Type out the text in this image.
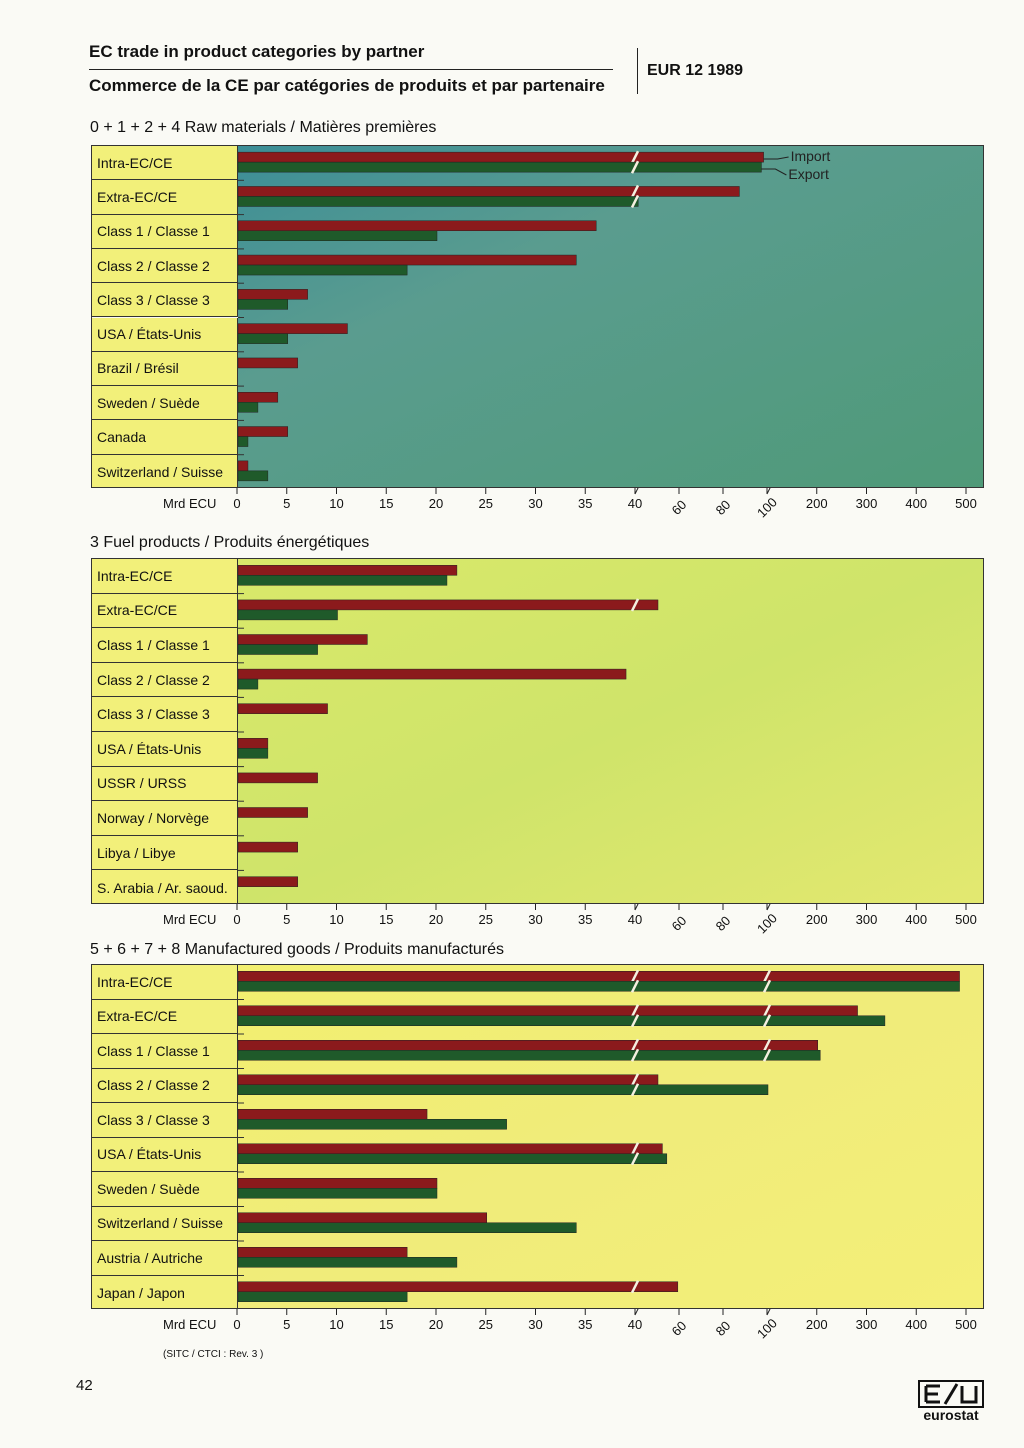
EC trade in product categories by partner
Commerce de la CE par catégories de produits et par partenaire
EUR 12 1989
0 + 1 + 2 + 4 Raw materials / Matières premières
Import
Export
Intra-EC/CE
Extra-EC/CE
Class 1 / Classe 1
Class 2 / Classe 2
Class 3 / Classe 3
USA / États-Unis
Brazil / Brésil
Sweden / Suède
Canada
Switzerland / Suisse
Mrd ECU 0	5	10	15	20	25	30	35	40 60 80 100 200 300 400 500
3 Fuel products / Produits énergétiques
Intra-EC/CE
Extra-EC/CE
Class 1 / Classe 1
Class 2 / Classe 2
Class 3 / Classe 3
USA / États-Unis
USSR / URSS
Norway / Norvège
Libya / Libye
S. Arabia / Ar. saoud.
Mrd ECU 0	5	10	15	20	25	30	35	40 60 80 100 200 300 400 500
5 + 6 + 7 + 8 Manufactured goods / Produits manufacturés
Intra-EC/CE
Extra-EC/CE
Class 1 / Classe 1
Class 2 / Classe 2
Class 3 / Classe 3
USA / États-Unis
Sweden / Suède
Switzerland / Suisse
Austria / Autriche
Japan / Japon
Mrd ECU 0	5	10	15	20	25	30	35	40 60 80 100 200 300 400 500
(SITC / CTCI : Rev. 3 )
42
eurostat
